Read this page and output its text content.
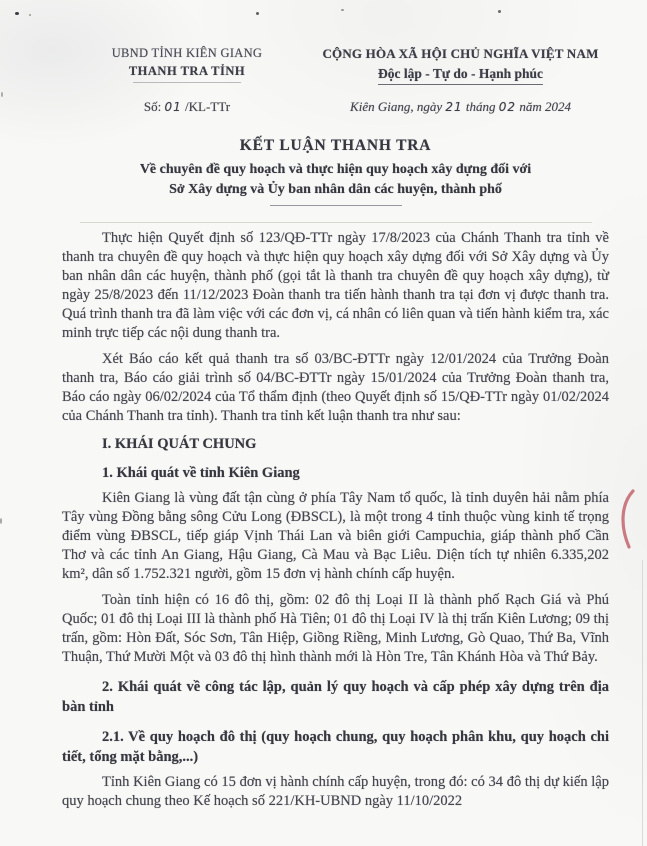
UBND TỈNH KIÊN GIANG
THANH TRA TỈNH
Số: 01 /KL-TTr
CỘNG HÒA XÃ HỘI CHỦ NGHĨA VIỆT NAM
Độc lập - Tự do - Hạnh phúc
Kiên Giang, ngày 21 tháng 02 năm 2024
KẾT LUẬN THANH TRA
Về chuyên đề quy hoạch và thực hiện quy hoạch xây dựng đối với
Sở Xây dựng và Ủy ban nhân dân các huyện, thành phố

Thực hiện Quyết định số 123/QĐ-TTr ngày 17/8/2023 của Chánh Thanh tra tỉnh về thanh tra chuyên đề quy hoạch và thực hiện quy hoạch xây dựng đối với Sở Xây dựng và Ủy ban nhân dân các huyện, thành phố (gọi tắt là thanh tra chuyên đề quy hoạch xây dựng), từ ngày 25/8/2023 đến 11/12/2023 Đoàn thanh tra tiến hành thanh tra tại đơn vị được thanh tra. Quá trình thanh tra đã làm việc với các đơn vị, cá nhân có liên quan và tiến hành kiểm tra, xác minh trực tiếp các nội dung thanh tra.

Xét Báo cáo kết quả thanh tra số 03/BC-ĐTTr ngày 12/01/2024 của Trưởng Đoàn thanh tra, Báo cáo giải trình số 04/BC-ĐTTr ngày 15/01/2024 của Trưởng Đoàn thanh tra, Báo cáo ngày 06/02/2024 của Tổ thẩm định (theo Quyết định số 15/QĐ-TTr ngày 01/02/2024 của Chánh Thanh tra tỉnh). Thanh tra tỉnh kết luận thanh tra như sau:

I. KHÁI QUÁT CHUNG
1. Khái quát về tỉnh Kiên Giang

Kiên Giang là vùng đất tận cùng ở phía Tây Nam tổ quốc, là tỉnh duyên hải nằm phía Tây vùng Đồng bằng sông Cửu Long (ĐBSCL), là một trong 4 tỉnh thuộc vùng kinh tế trọng điểm vùng ĐBSCL, tiếp giáp Vịnh Thái Lan và biên giới Campuchia, giáp thành phố Cần Thơ và các tỉnh An Giang, Hậu Giang, Cà Mau và Bạc Liêu. Diện tích tự nhiên 6.335,202 km², dân số 1.752.321 người, gồm 15 đơn vị hành chính cấp huyện.

Toàn tỉnh hiện có 16 đô thị, gồm: 02 đô thị Loại II là thành phố Rạch Giá và Phú Quốc; 01 đô thị Loại III là thành phố Hà Tiên; 01 đô thị Loại IV là thị trấn Kiên Lương; 09 thị trấn, gồm: Hòn Đất, Sóc Sơn, Tân Hiệp, Giồng Riềng, Minh Lương, Gò Quao, Thứ Ba, Vĩnh Thuận, Thứ Mười Một và 03 đô thị hình thành mới là Hòn Tre, Tân Khánh Hòa và Thứ Bảy.

2. Khái quát về công tác lập, quản lý quy hoạch và cấp phép xây dựng trên địa bàn tỉnh
2.1. Về quy hoạch đô thị (quy hoạch chung, quy hoạch phân khu, quy hoạch chi tiết, tổng mặt bằng,...)

Tỉnh Kiên Giang có 15 đơn vị hành chính cấp huyện, trong đó: có 34 đô thị dự kiến lập quy hoạch chung theo Kế hoạch số 221/KH-UBND ngày 11/10/2022
